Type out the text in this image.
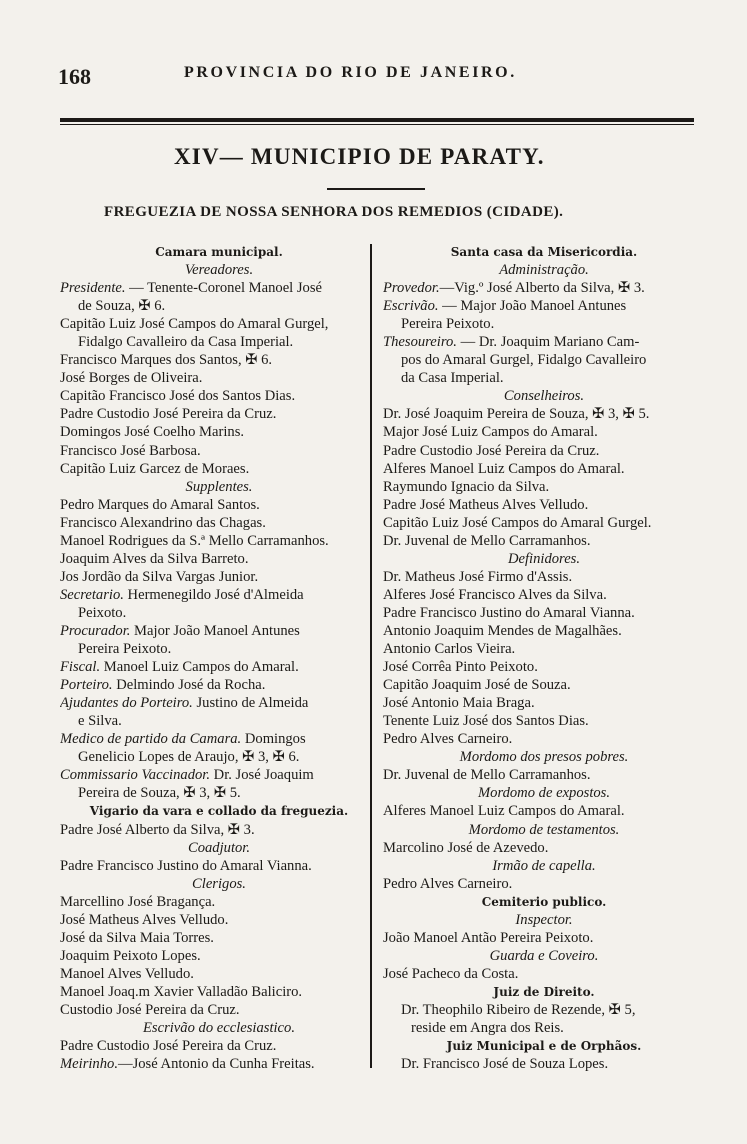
168	PROVINCIA DO RIO DE JANEIRO.
XIV— MUNICIPIO DE PARATY.
FREGUEZIA DE NOSSA SENHORA DOS REMEDIOS (CIDADE).
Camara municipal.
Vereadores.
Presidente. — Tenente-Coronel Manoel José
de Souza, ✠ 6.
Capitão Luiz José Campos do Amaral Gurgel,
Fidalgo Cavalleiro da Casa Imperial.
Francisco Marques dos Santos, ✠ 6.
José Borges de Oliveira.
Capitão Francisco José dos Santos Dias.
Padre Custodio José Pereira da Cruz.
Domingos José Coelho Marins.
Francisco José Barbosa.
Capitão Luiz Garcez de Moraes.
Supplentes.
Pedro Marques do Amaral Santos.
Francisco Alexandrino das Chagas.
Manoel Rodrigues da S.ª Mello Carramanhos.
Joaquim Alves da Silva Barreto.
Jos Jordão da Silva Vargas Junior.
Secretario. Hermenegildo José d'Almeida
Peixoto.
Procurador. Major João Manoel Antunes
Pereira Peixoto.
Fiscal. Manoel Luiz Campos do Amaral.
Porteiro. Delmindo José da Rocha.
Ajudantes do Porteiro. Justino de Almeida
e Silva.
Medico de partido da Camara. Domingos
Genelicio Lopes de Araujo, ✠ 3, ✠ 6.
Commissario Vaccinador. Dr. José Joaquim
Pereira de Souza, ✠ 3, ✠ 5.
Vigario da vara e collado da freguezia.
Padre José Alberto da Silva, ✠ 3.
Coadjutor.
Padre Francisco Justino do Amaral Vianna.
Clerigos.
Marcellino José Bragança.
José Matheus Alves Velludo.
José da Silva Maia Torres.
Joaquim Peixoto Lopes.
Manoel Alves Velludo.
Manoel Joaq.m Xavier Valladão Baliciro.
Custodio José Pereira da Cruz.
Escrivão do ecclesiastico.
Padre Custodio José Pereira da Cruz.
Meirinho.—José Antonio da Cunha Freitas.
Santa casa da Misericordia.
Administração.
Provedor.—Vig.º José Alberto da Silva, ✠ 3.
Escrivão. — Major João Manoel Antunes
Pereira Peixoto.
Thesoureiro. — Dr. Joaquim Mariano Cam-
pos do Amaral Gurgel, Fidalgo Cavalleiro
da Casa Imperial.
Conselheiros.
Dr. José Joaquim Pereira de Souza, ✠ 3, ✠ 5.
Major José Luiz Campos do Amaral.
Padre Custodio José Pereira da Cruz.
Alferes Manoel Luiz Campos do Amaral.
Raymundo Ignacio da Silva.
Padre José Matheus Alves Velludo.
Capitão Luiz José Campos do Amaral Gurgel.
Dr. Juvenal de Mello Carramanhos.
Definidores.
Dr. Matheus José Firmo d'Assis.
Alferes José Francisco Alves da Silva.
Padre Francisco Justino do Amaral Vianna.
Antonio Joaquim Mendes de Magalhães.
Antonio Carlos Vieira.
José Corrêa Pinto Peixoto.
Capitão Joaquim José de Souza.
José Antonio Maia Braga.
Tenente Luiz José dos Santos Dias.
Pedro Alves Carneiro.
Mordomo dos presos pobres.
Dr. Juvenal de Mello Carramanhos.
Mordomo de expostos.
Alferes Manoel Luiz Campos do Amaral.
Mordomo de testamentos.
Marcolino José de Azevedo.
Irmão de capella.
Pedro Alves Carneiro.
Cemiterio publico.
Inspector.
João Manoel Antão Pereira Peixoto.
Guarda e Coveiro.
José Pacheco da Costa.
Juiz de Direito.
Dr. Theophilo Ribeiro de Rezende, ✠ 5,
reside em Angra dos Reis.
Juiz Municipal e de Orphãos.
Dr. Francisco José de Souza Lopes.
